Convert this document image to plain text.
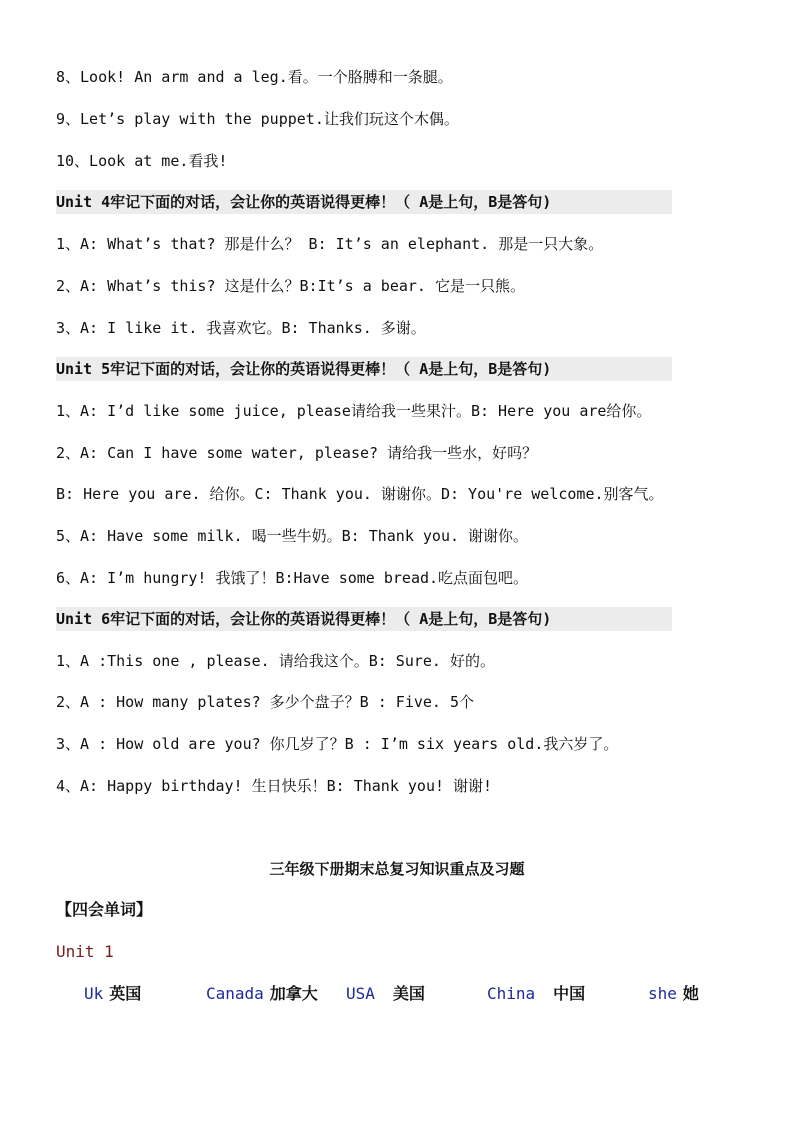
8、Look! An arm and a leg.看。一个胳膊和一条腿。
9、Let’s play with the puppet.让我们玩这个木偶。
10、Look at me.看我!
Unit 4牢记下面的对话，会让你的英语说得更棒！（ A是上句，B是答句)
1、A: What’s that? 那是什么？ B: It’s an elephant. 那是一只大象。
2、A: What’s this? 这是什么？B:It’s a bear. 它是一只熊。
3、A: I like it. 我喜欢它。B: Thanks. 多谢。
Unit 5牢记下面的对话，会让你的英语说得更棒！（ A是上句，B是答句)
1、A: I’d like some juice, please请给我一些果汁。B: Here you are给你。
2、A: Can I have some water, please? 请给我一些水，好吗？
B: Here you are. 给你。C: Thank you. 谢谢你。D: You're welcome.别客气。
5、A: Have some milk. 喝一些牛奶。B: Thank you. 谢谢你。
6、A: I’m hungry! 我饿了！B:Have some bread.吃点面包吧。
Unit 6牢记下面的对话，会让你的英语说得更棒！（ A是上句，B是答句)
1、A :This one , please. 请给我这个。B: Sure. 好的。
2、A : How many plates? 多少个盘子？B : Five. 5个
3、A : How old are you? 你几岁了？B : I’m six years old.我六岁了。
4、A: Happy birthday! 生日快乐！B: Thank you! 谢谢!
三年级下册期末总复习知识重点及习题
【四会单词】
Unit 1
Uk 英国	Canada 加拿大 USA 美国	China 中国	she 她
